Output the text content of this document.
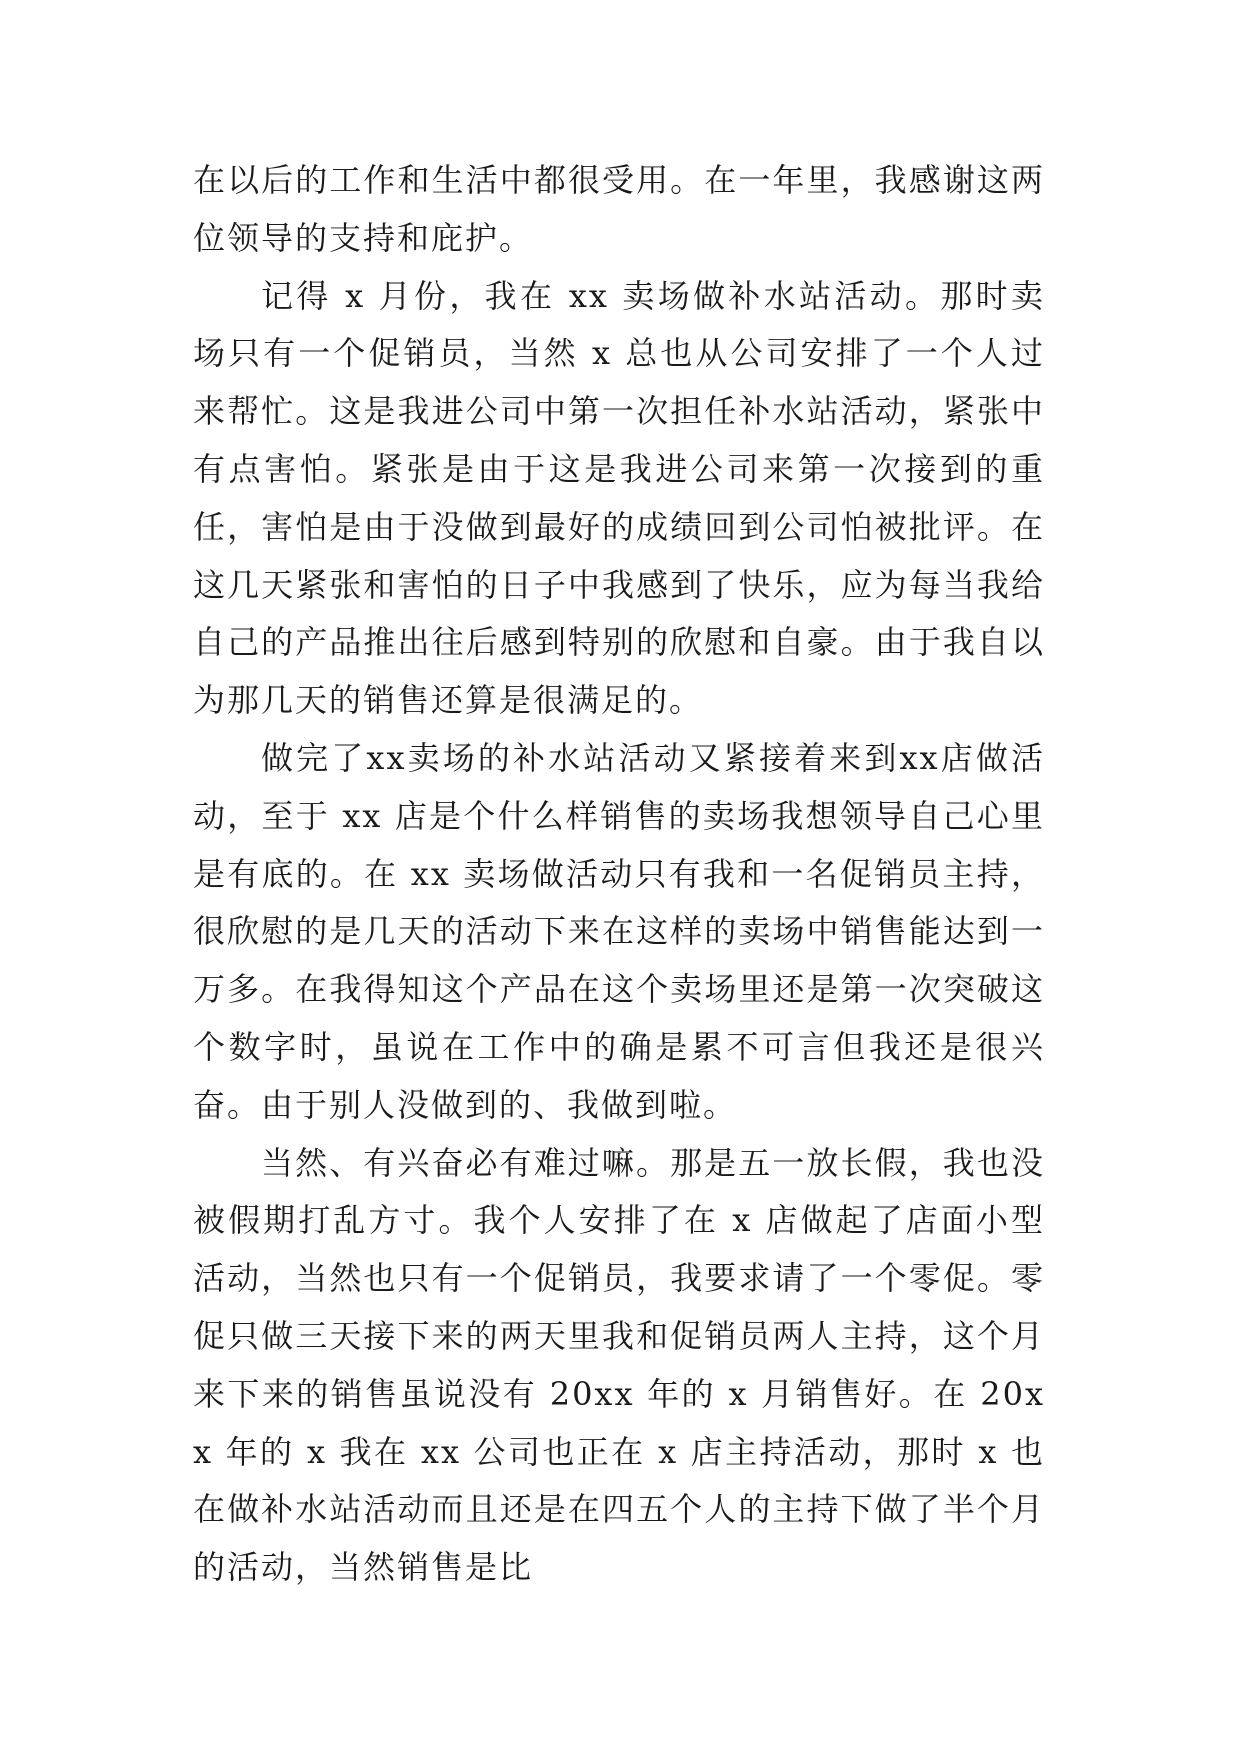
在以后的工作和生活中都很受用。在一年里，我感谢这两位领导的支持和庇护。

记得 x 月份，我在 xx 卖场做补水站活动。那时卖场只有一个促销员，当然 x 总也从公司安排了一个人过来帮忙。这是我进公司中第一次担任补水站活动，紧张中有点害怕。紧张是由于这是我进公司来第一次接到的重任，害怕是由于没做到最好的成绩回到公司怕被批评。在这几天紧张和害怕的日子中我感到了快乐，应为每当我给自己的产品推出往后感到特别的欣慰和自豪。由于我自以为那几天的销售还算是很满足的。

做完了xx卖场的补水站活动又紧接着来到xx店做活动，至于 xx 店是个什么样销售的卖场我想领导自己心里是有底的。在 xx 卖场做活动只有我和一名促销员主持，很欣慰的是几天的活动下来在这样的卖场中销售能达到一万多。在我得知这个产品在这个卖场里还是第一次突破这个数字时，虽说在工作中的确是累不可言但我还是很兴奋。由于别人没做到的、我做到啦。

当然、有兴奋必有难过嘛。那是五一放长假，我也没被假期打乱方寸。我个人安排了在 x 店做起了店面小型活动，当然也只有一个促销员，我要求请了一个零促。零促只做三天接下来的两天里我和促销员两人主持，这个月来下来的销售虽说没有 20xx 年的 x 月销售好。在 20xx 年的 x 我在 xx 公司也正在 x 店主持活动，那时 x 也在做补水站活动而且还是在四五个人的主持下做了半个月的活动，当然销售是比
